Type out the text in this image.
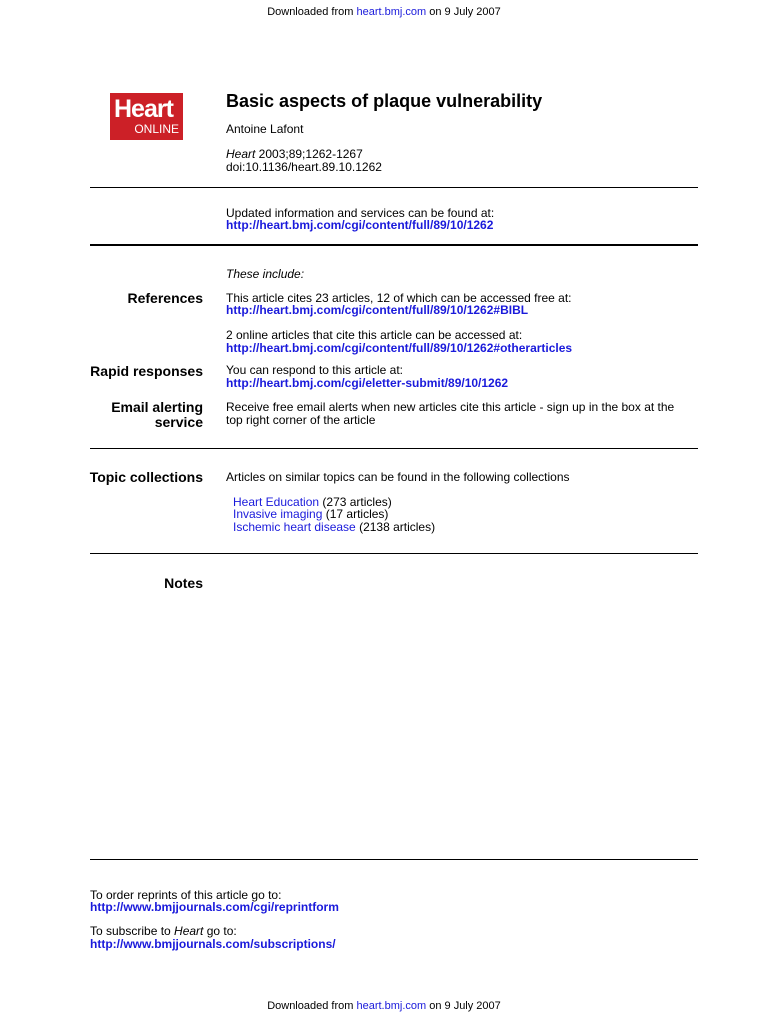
Downloaded from heart.bmj.com on 9 July 2007
Heart
ONLINE
Basic aspects of plaque vulnerability
Antoine Lafont
Heart 2003;89;1262-1267
doi:10.1136/heart.89.10.1262
Updated information and services can be found at:
http://heart.bmj.com/cgi/content/full/89/10/1262
These include:
References This article cites 23 articles, 12 of which can be accessed free at:
http://heart.bmj.com/cgi/content/full/89/10/1262#BIBL
2 online articles that cite this article can be accessed at:
http://heart.bmj.com/cgi/content/full/89/10/1262#otherarticles
Rapid responses You can respond to this article at:
http://heart.bmj.com/cgi/eletter-submit/89/10/1262
Email alerting
service
Receive free email alerts when new articles cite this article - sign up in the box at the
top right corner of the article
Topic collections Articles on similar topics can be found in the following collections
Heart Education (273 articles)
Invasive imaging (17 articles)
Ischemic heart disease (2138 articles)
Notes
To order reprints of this article go to:
http://www.bmjjournals.com/cgi/reprintform
To subscribe to Heart go to:
http://www.bmjjournals.com/subscriptions/
Downloaded from heart.bmj.com on 9 July 2007
